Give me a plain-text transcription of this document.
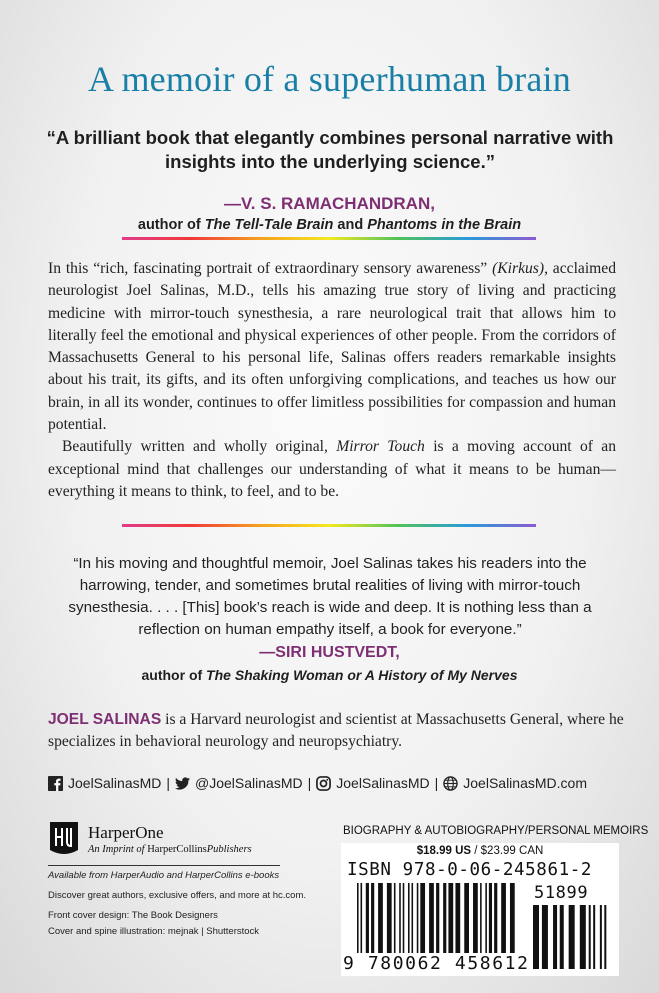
A memoir of a superhuman brain
“A brilliant book that elegantly combines personal narrative with insights into the underlying science.”
—V. S. RAMACHANDRAN,
author of The Tell-Tale Brain and Phantoms in the Brain

In this “rich, fascinating portrait of extraordinary sensory awareness” (Kirkus), acclaimed neurologist Joel Salinas, M.D., tells his amazing true story of living and practicing medicine with mirror-touch synesthesia, a rare neurological trait that allows him to literally feel the emotional and physical experiences of other people. From the corridors of Massachusetts General to his personal life, Salinas offers readers remarkable insights about his trait, its gifts, and its often unforgiving complications, and teaches us how our brain, in all its wonder, continues to offer limitless possibilities for compassion and human potential.

Beautifully written and wholly original, Mirror Touch is a moving account of an exceptional mind that challenges our understanding of what it means to be human—everything it means to think, to feel, and to be.

“In his moving and thoughtful memoir, Joel Salinas takes his readers into the harrowing, tender, and sometimes brutal realities of living with mirror-touch synesthesia. . . . [This] book’s reach is wide and deep. It is nothing less than a reflection on human empathy itself, a book for everyone.”
—SIRI HUSTVEDT,
author of The Shaking Woman or A History of My Nerves
JOEL SALINAS is a Harvard neurologist and scientist at Massachusetts General, where he specializes in behavioral neurology and neuropsychiatry.
JoelSalinasMD | @JoelSalinasMD | JoelSalinasMD | JoelSalinasMD.com
HarperOne
An Imprint of HarperCollinsPublishers
Available from HarperAudio and HarperCollins e-books
Discover great authors, exclusive offers, and more at hc.com.
Front cover design: The Book Designers
Cover and spine illustration: mejnak | Shutterstock
BIOGRAPHY & AUTOBIOGRAPHY/PERSONAL MEMOIRS
$18.99 US / $23.99 CAN
ISBN 978-0-06-245861-2
51899
9 780062 458612
